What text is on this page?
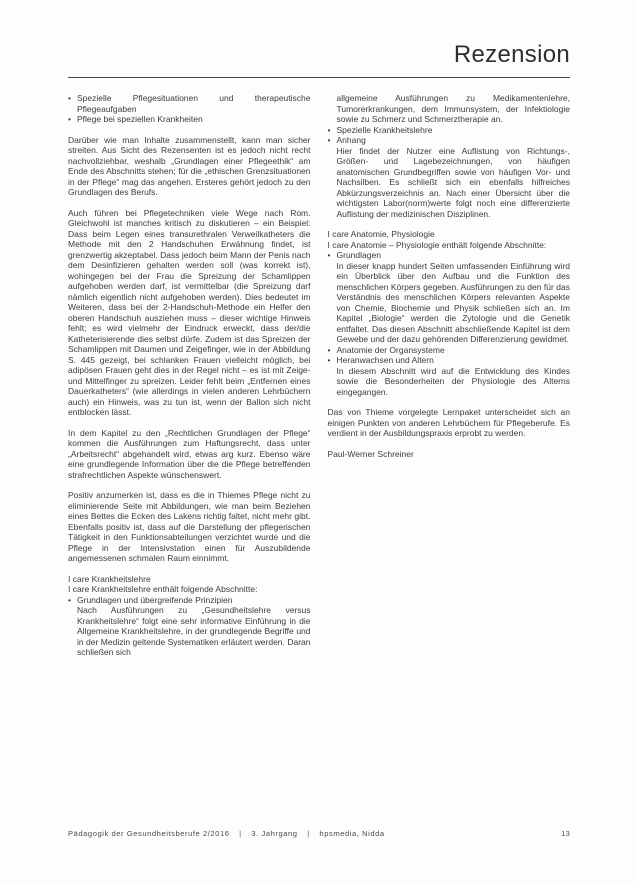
Rezension
• Spezielle Pflegesituationen und therapeutische Pflegeaufgaben
• Pflege bei speziellen Krankheiten

Darüber wie man Inhalte zusammenstellt, kann man sicher streiten. Aus Sicht des Rezensenten ist es jedoch nicht recht nachvollziehbar, weshalb „Grundlagen einer Pflegeethik“ am Ende des Abschnitts stehen; für die „ethischen Grenzsituationen in der Pflege“ mag das angehen. Ersteres gehört jedoch zu den Grundlagen des Berufs.

Auch führen bei Pflegetechniken viele Wege nach Rom. Gleichwohl ist manches kritisch zu diskutieren – ein Beispiel: Dass beim Legen eines transurethralen Verweilkatheters die Methode mit den 2 Handschuhen Erwähnung findet, ist grenzwertig akzeptabel. Dass jedoch beim Mann der Penis nach dem Desinfizieren gehalten werden soll (was korrekt ist), wohingegen bei der Frau die Spreizung der Schamlippen aufgehoben werden darf, ist vermittelbar (die Spreizung darf nämlich eigentlich nicht aufgehoben werden). Dies bedeutet im Weiteren, dass bei der 2-Handschuh-Methode ein Helfer den oberen Handschuh ausziehen muss – dieser wichtige Hinweis fehlt; es wird vielmehr der Eindruck erweckt, dass der/die Katheterisierende dies selbst dürfe. Zudem ist das Spreizen der Schamlippen mit Daumen und Zeigefinger, wie in der Abbildung S. 445 gezeigt, bei schlanken Frauen vielleicht möglich, bei adipösen Frauen geht dies in der Regel nicht – es ist mit Zeige- und Mittelfinger zu spreizen. Leider fehlt beim „Entfernen eines Dauerkatheters“ (wie allerdings in vielen anderen Lehrbüchern auch) ein Hinweis, was zu tun ist, wenn der Ballon sich nicht entblocken lässt.

In dem Kapitel zu den „Rechtlichen Grundlagen der Pflege“ kommen die Ausführungen zum Haftungsrecht, dass unter „Arbeitsrecht“ abgehandelt wird, etwas arg kurz. Ebenso wäre eine grundlegende Information über die die Pflege betreffenden strafrechtlichen Aspekte wünschenswert.

Positiv anzumerken ist, dass es die in Thiemes Pflege nicht zu eliminierende Seite mit Abbildungen, wie man beim Beziehen eines Bettes die Ecken des Lakens richtig faltet, nicht mehr gibt. Ebenfalls positiv ist, dass auf die Darstellung der pflegerischen Tätigkeit in den Funktionsabteilungen verzichtet wurde und die Pflege in der Intensivstation einen für Auszubildende angemessenen schmalen Raum einnimmt.

I care Krankheitslehre

I care Krankheitslehre enthält folgende Abschnitte:

• Grundlagen und übergreifende Prinzipien
Nach Ausführungen zu „Gesundheitslehre versus Krankheitslehre“ folgt eine sehr informative Einführung in die Allgemeine Krankheitslehre, in der grundlegende Begriffe und in der Medizin geltende Systematiken erläutert werden. Daran schließen sich

allgemeine Ausführungen zu Medikamentenlehre, Tumorerkrankungen, dem Immunsystem, der Infektiologie sowie zu Schmerz und Schmerztherapie an.

• Spezielle Krankheitslehre
• Anhang
Hier findet der Nutzer eine Auflistung von Richtungs-, Größen- und Lagebezeichnungen, von häufigen anatomischen Grundbegriffen sowie von häufigen Vor- und Nachsilben. Es schließt sich ein ebenfalls hilfreiches Abkürzungsverzeichnis an. Nach einer Übersicht über die wichtigsten Labor(norm)werte folgt noch eine differenzierte Auflistung der medizinischen Disziplinen.
I care Anatomie, Physiologie

I care Anatomie – Physiologie enthält folgende Abschnitte:

• Grundlagen
In dieser knapp hundert Seiten umfassenden Einführung wird ein Überblick über den Aufbau und die Funktion des menschlichen Körpers gegeben. Ausführungen zu den für das Verständnis des menschlichen Körpers relevanten Aspekte von Chemie, Biochemie und Physik schließen sich an. Im Kapitel „Biologie“ werden die Zytologie und die Genetik entfaltet. Das diesen Abschnitt abschließende Kapitel ist dem Gewebe und der dazu gehörenden Differenzierung gewidmet.
• Anatomie der Organsysteme
• Heranwachsen und Altern
In diesem Abschnitt wird auf die Entwicklung des Kindes sowie die Besonderheiten der Physiologie des Alterns eingegangen.

Das von Thieme vorgelegte Lernpaket unterscheidet sich an einigen Punkten von anderen Lehrbüchern für Pflegeberufe. Es verdient in der Ausbildungspraxis erprobt zu werden.

Paul-Werner Schreiner

Pädagogik der Gesundheitsberufe 2/2016 | 3. Jahrgang | hpsmedia, Nidda	13
